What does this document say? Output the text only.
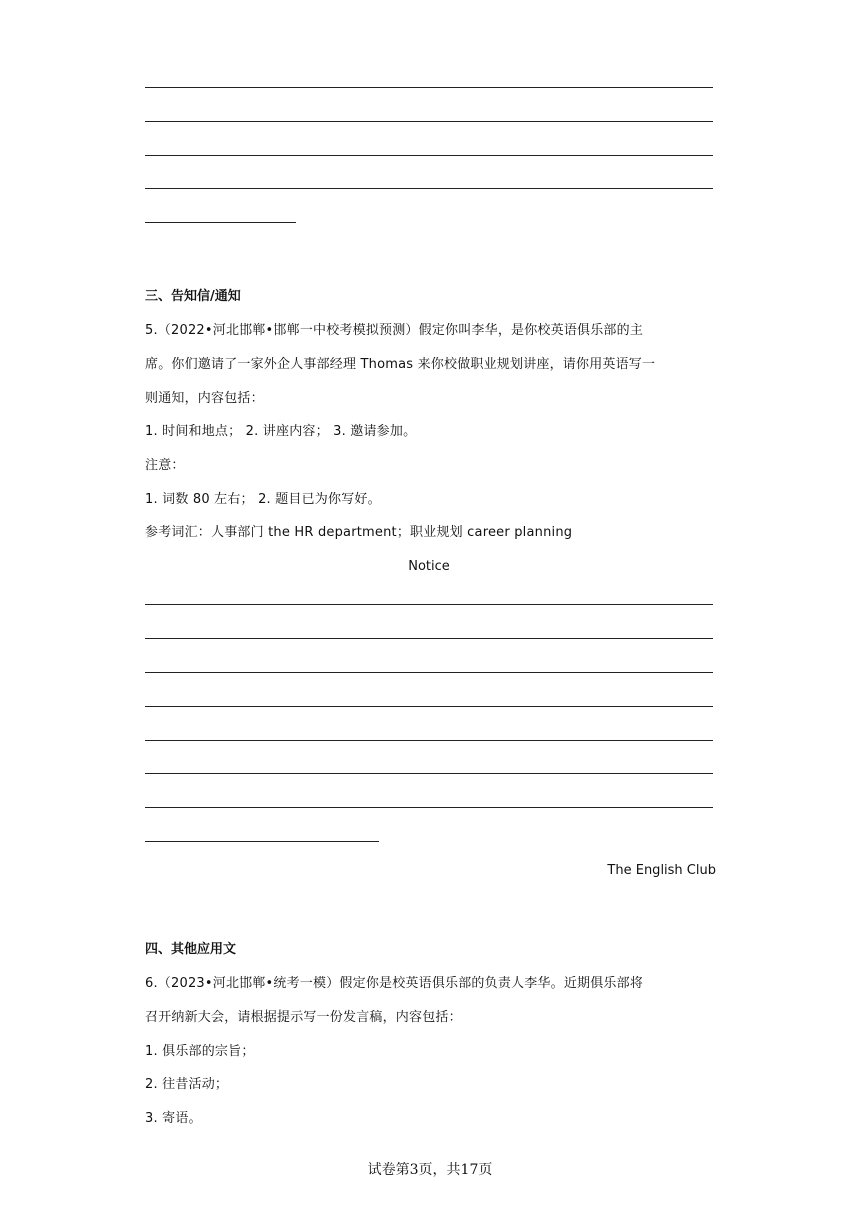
三、告知信/通知
5.（2022•河北邯郸•邯郸一中校考模拟预测）假定你叫李华，是你校英语俱乐部的主
席。你们邀请了一家外企人事部经理 Thomas 来你校做职业规划讲座，请你用英语写一
则通知，内容包括：
1. 时间和地点； 2. 讲座内容； 3. 邀请参加。
注意：
1. 词数 80 左右； 2. 题目已为你写好。
参考词汇：人事部门 the HR department；职业规划 career planning
Notice
The English Club
四、其他应用文
6.（2023•河北邯郸•统考一模）假定你是校英语俱乐部的负责人李华。近期俱乐部将
召开纳新大会，请根据提示写一份发言稿，内容包括：
1. 俱乐部的宗旨；
2. 往昔活动；
3. 寄语。
试卷第3页，共17页
